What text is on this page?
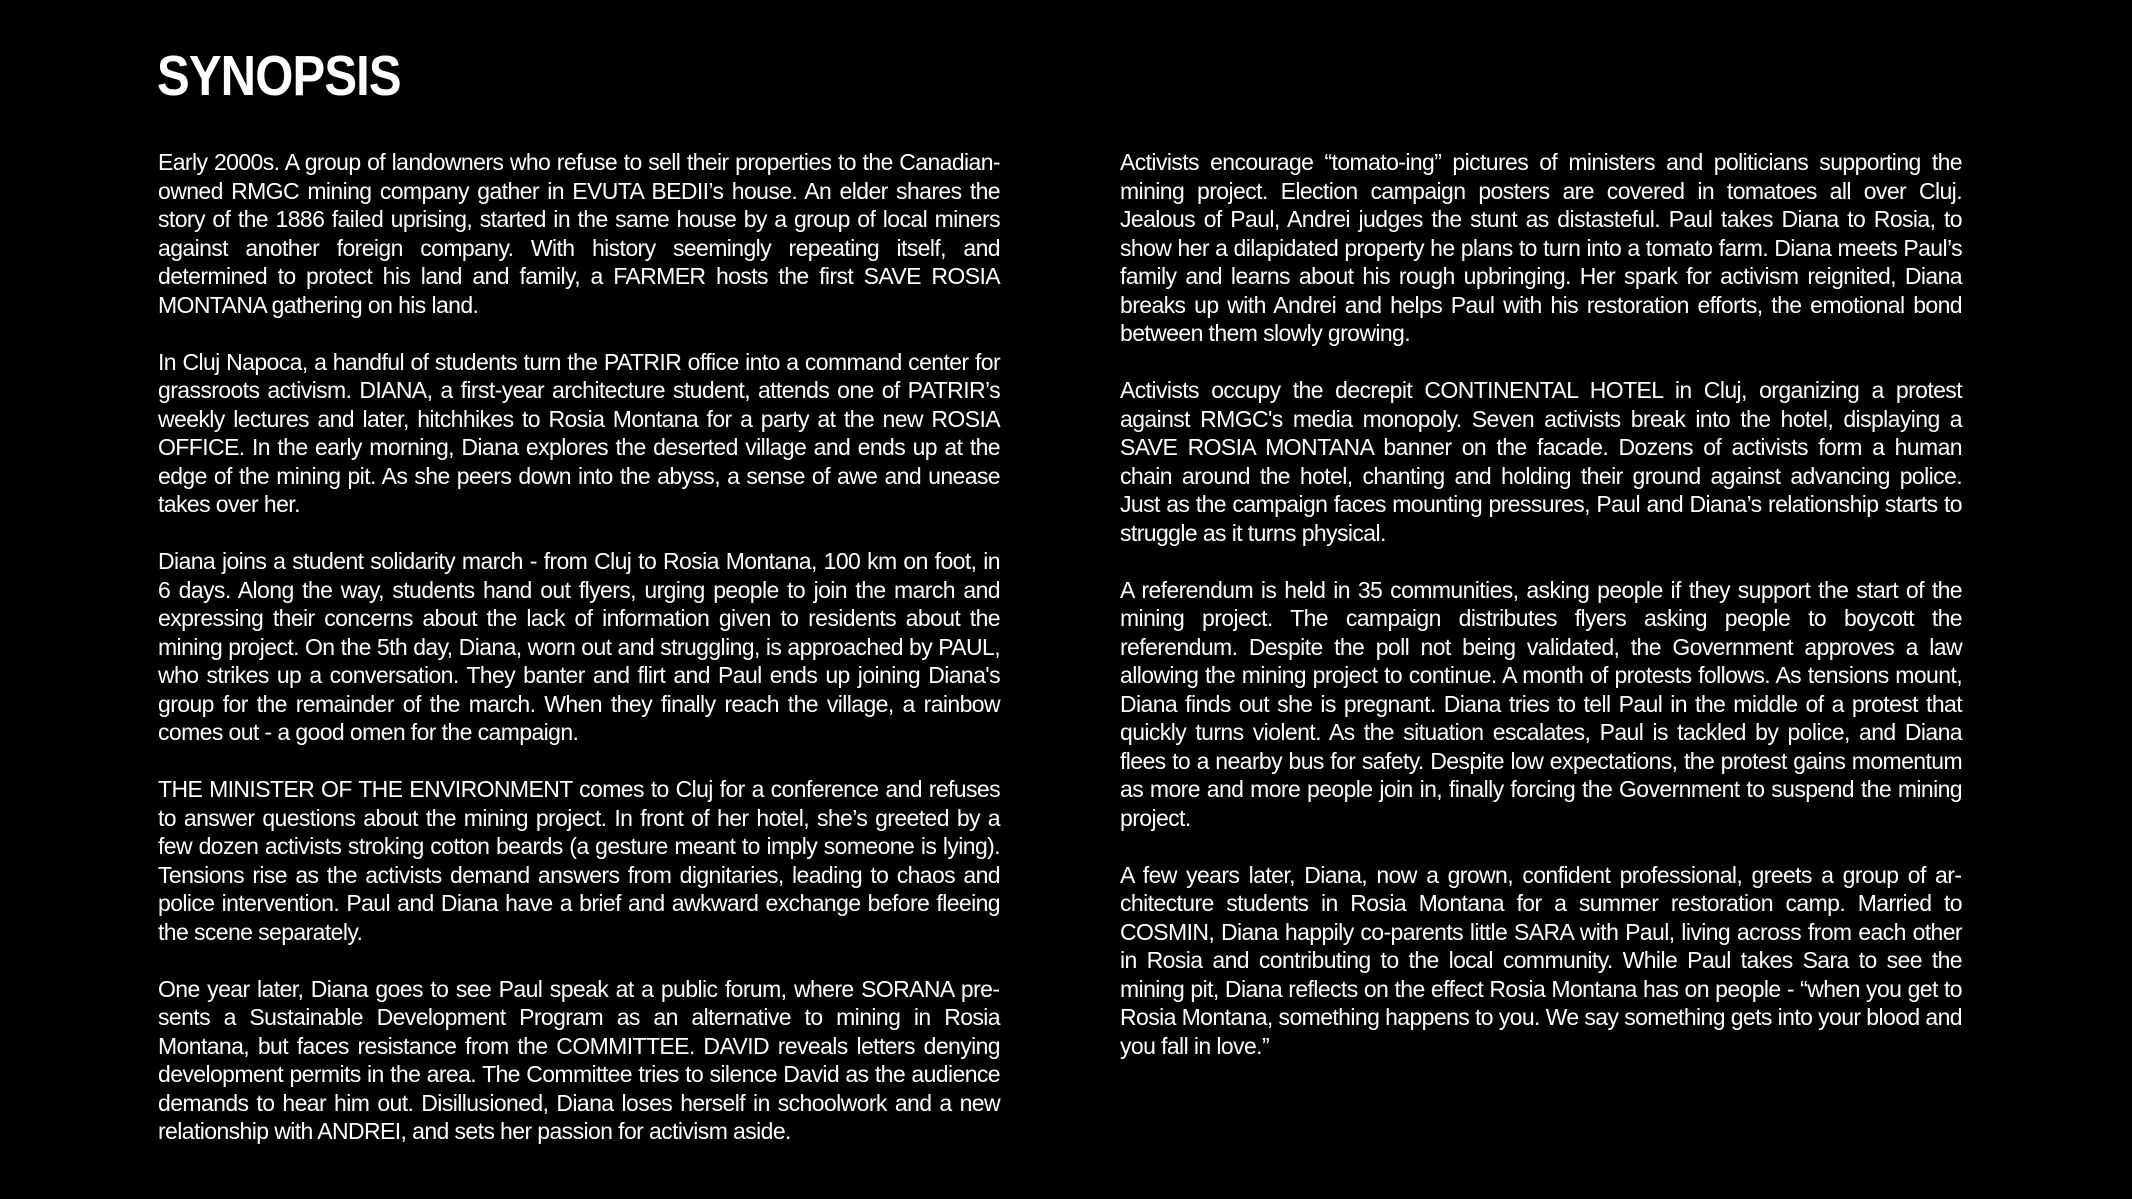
SYNOPSIS

Early 2000s. A group of landowners who refuse to sell their properties to the Canadian-owned RMGC mining company gather in EVUTA BEDII’s house. An elder shares the story of the 1886 failed uprising, started in the same house by a group of local miners against another foreign company. With history seemingly repeating itself, and determined to protect his land and family, a FARMER hosts the first SAVE ROSIA MONTANA gathering on his land.

In Cluj Napoca, a handful of students turn the PATRIR office into a command center for grassroots activism. DIANA, a first-year architecture student, attends one of PATRIR’s weekly lectures and later, hitchhikes to Rosia Montana for a party at the new ROSIA OFFICE. In the early morning, Diana explores the deserted village and ends up at the edge of the mining pit. As she peers down into the abyss, a sense of awe and unease takes over her.

Diana joins a student solidarity march - from Cluj to Rosia Montana, 100 km on foot, in 6 days. Along the way, students hand out flyers, urging people to join the march and expressing their concerns about the lack of information given to residents about the mining project. On the 5th day, Diana, worn out and struggling, is approached by PAUL, who strikes up a conversation. They banter and flirt and Paul ends up joining Diana's group for the remainder of the march. When they finally reach the village, a rainbow comes out - a good omen for the campaign.

THE MINISTER OF THE ENVIRONMENT comes to Cluj for a conference and refuses to answer questions about the mining project. In front of her hotel, she’s greeted by a few dozen activists stroking cotton beards (a gesture meant to imply someone is lying). Tensions rise as the activists demand answers from dignitaries, leading to chaos and police intervention. Paul and Diana have a brief and awkward exchange before fleeing the scene separately.

One year later, Diana goes to see Paul speak at a public forum, where SORANA presents a Sustainable Development Program as an alternative to mining in Rosia Montana, but faces resistance from the COMMITTEE. DAVID reveals letters denying development permits in the area. The Committee tries to silence David as the audience demands to hear him out. Disillusioned, Diana loses herself in schoolwork and a new relationship with ANDREI, and sets her passion for activism aside.

Activists encourage “tomato-ing” pictures of ministers and politicians supporting the mining project. Election campaign posters are covered in tomatoes all over Cluj. Jealous of Paul, Andrei judges the stunt as distasteful. Paul takes Diana to Rosia, to show her a dilapidated property he plans to turn into a tomato farm. Diana meets Paul’s family and learns about his rough upbringing. Her spark for activism reignited, Diana breaks up with Andrei and helps Paul with his restoration efforts, the emotional bond between them slowly growing.

Activists occupy the decrepit CONTINENTAL HOTEL in Cluj, organizing a protest against RMGC's media monopoly. Seven activists break into the hotel, displaying a SAVE ROSIA MONTANA banner on the facade. Dozens of activists form a human chain around the hotel, chanting and holding their ground against advancing police. Just as the campaign faces mounting pressures, Paul and Diana’s relationship starts to struggle as it turns physical.

A referendum is held in 35 communities, asking people if they support the start of the mining project. The campaign distributes flyers asking people to boycott the referendum. Despite the poll not being validated, the Government approves a law allowing the mining project to continue. A month of protests follows. As tensions mount, Diana finds out she is pregnant. Diana tries to tell Paul in the middle of a protest that quickly turns violent. As the situation escalates, Paul is tackled by police, and Diana flees to a nearby bus for safety. Despite low expectations, the protest gains momentum as more and more people join in, finally forcing the Government to suspend the mining project.

A few years later, Diana, now a grown, confident professional, greets a group of architecture students in Rosia Montana for a summer restoration camp. Married to COSMIN, Diana happily co-parents little SARA with Paul, living across from each other in Rosia and contributing to the local community. While Paul takes Sara to see the mining pit, Diana reflects on the effect Rosia Montana has on people - “when you get to Rosia Montana, something happens to you. We say something gets into your blood and you fall in love.”
